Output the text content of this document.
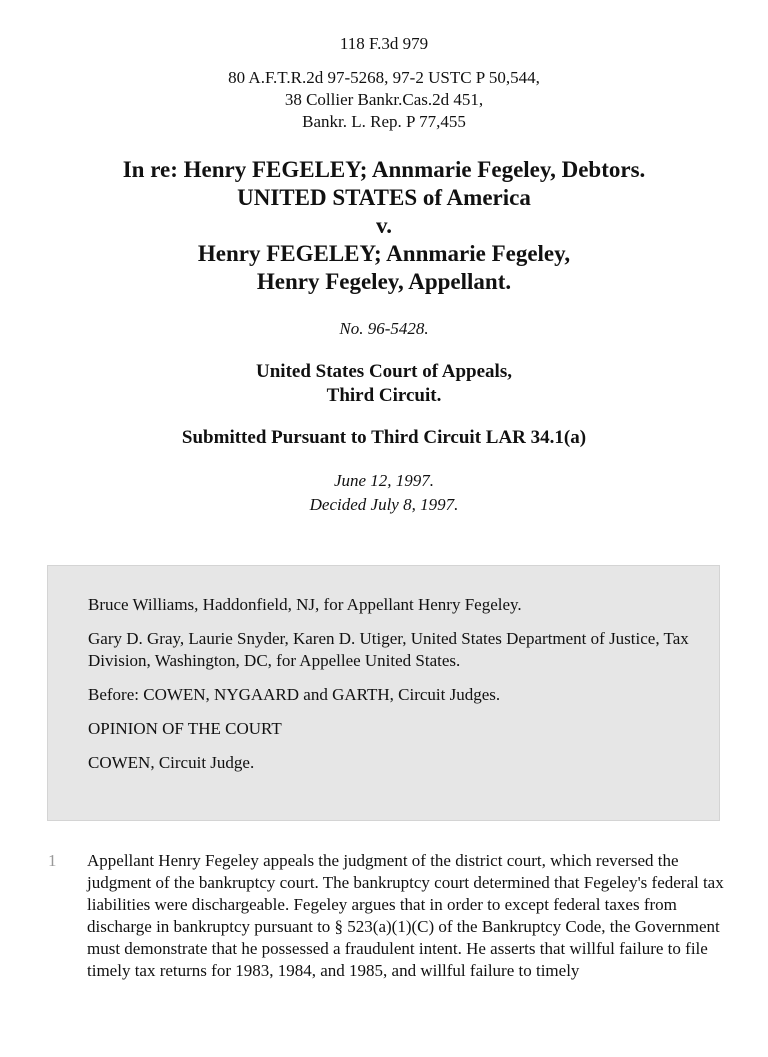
118 F.3d 979

80 A.F.T.R.2d 97-5268, 97-2 USTC P 50,544,

38 Collier Bankr.Cas.2d 451,

Bankr. L. Rep. P 77,455

In re: Henry FEGELEY; Annmarie Fegeley, Debtors.
UNITED STATES of America
v.
Henry FEGELEY; Annmarie Fegeley,
Henry Fegeley, Appellant.

No. 96-5428.

United States Court of Appeals,
Third Circuit.

Submitted Pursuant to Third Circuit LAR 34.1(a)

June 12, 1997.
Decided July 8, 1997.

Bruce Williams, Haddonfield, NJ, for Appellant Henry Fegeley.

Gary D. Gray, Laurie Snyder, Karen D. Utiger, United States Department of Justice, Tax Division, Washington, DC, for Appellee United States.

Before: COWEN, NYGAARD and GARTH, Circuit Judges.

OPINION OF THE COURT

COWEN, Circuit Judge.

1 Appellant Henry Fegeley appeals the judgment of the district court, which reversed the judgment of the bankruptcy court. The bankruptcy court determined that Fegeley's federal tax liabilities were dischargeable. Fegeley argues that in order to except federal taxes from discharge in bankruptcy pursuant to § 523(a)(1)(C) of the Bankruptcy Code, the Government must demonstrate that he possessed a fraudulent intent. He asserts that willful failure to file timely tax returns for 1983, 1984, and 1985, and willful failure to timely
